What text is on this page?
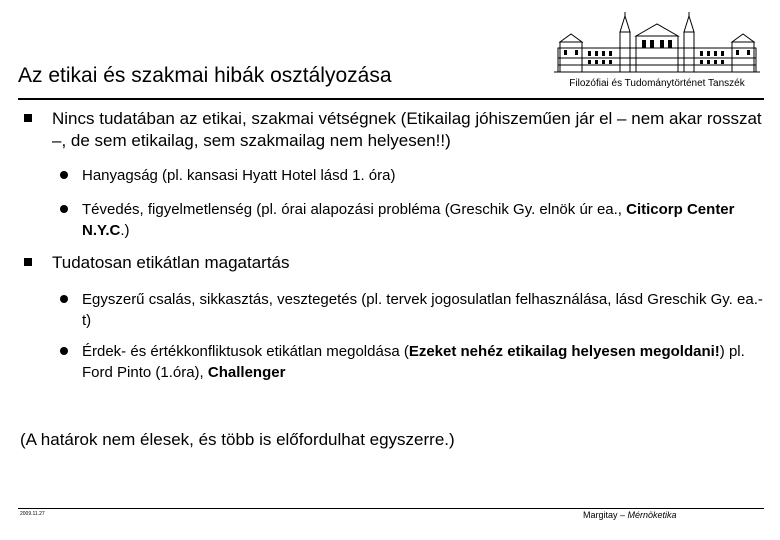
Az etikai és szakmai hibák osztályozása	Filozófiai és Tudománytörténet Tanszék
Nincs tudatában az etikai, szakmai vétségnek (Etikailag jóhiszeműen jár el – nem akar rosszat –, de sem etikailag, sem szakmailag nem helyesen!!)
Hanyagság (pl. kansasi Hyatt Hotel lásd 1. óra)
Tévedés, figyelmetlenség (pl. órai alapozási probléma (Greschik Gy. elnök úr ea., Citicorp Center N.Y.C.)
Tudatosan etikátlan magatartás
Egyszerű csalás, sikkasztás, vesztegetés (pl. tervek jogosulatlan felhasználása, lásd Greschik Gy. ea.-t)
Érdek- és értékkonfliktusok etikátlan megoldása (Ezeket nehéz etikailag helyesen megoldani!) pl. Ford Pinto (1.óra), Challenger
(A határok nem élesek, és több is előfordulhat egyszerre.)
2009.11.27	Margitay – Mérnöketika
